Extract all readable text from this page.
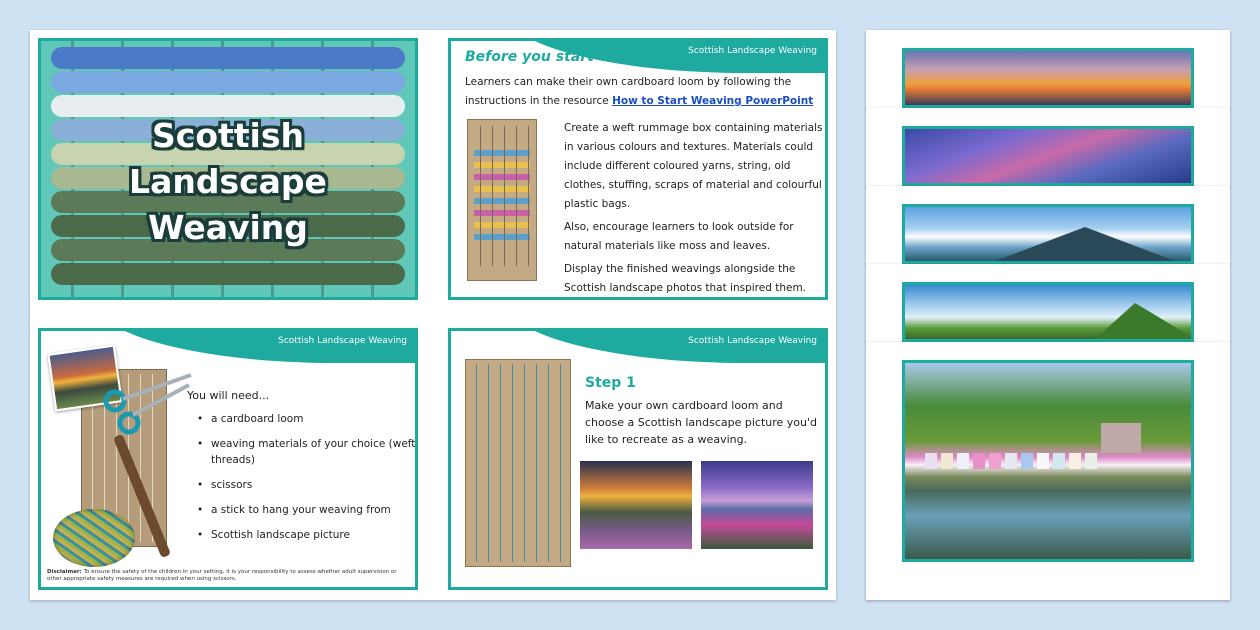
Scottish
Landscape
Weaving
Scottish Landscape Weaving
Before you start
Learners can make their own cardboard loom by following the instructions in the resource How to Start Weaving PowerPoint

Create a weft rummage box containing materials in various colours and textures. Materials could include different coloured yarns, string, old clothes, stuffing, scraps of material and colourful plastic bags.

Also, encourage learners to look outside for natural materials like moss and leaves.

Display the finished weavings alongside the Scottish landscape photos that inspired them.

Scottish Landscape Weaving
You will need...
• a cardboard loom
• weaving materials of your choice (weft threads)
• scissors
• a stick to hang your weaving from
• Scottish landscape picture
Disclaimer: To ensure the safety of the children in your setting, it is your responsibility to assess whether adult supervision or other appropriate safety measures are required when using scissors.
Scottish Landscape Weaving
Step 1
Make your own cardboard loom and choose a Scottish landscape picture you'd like to recreate as a weaving.
